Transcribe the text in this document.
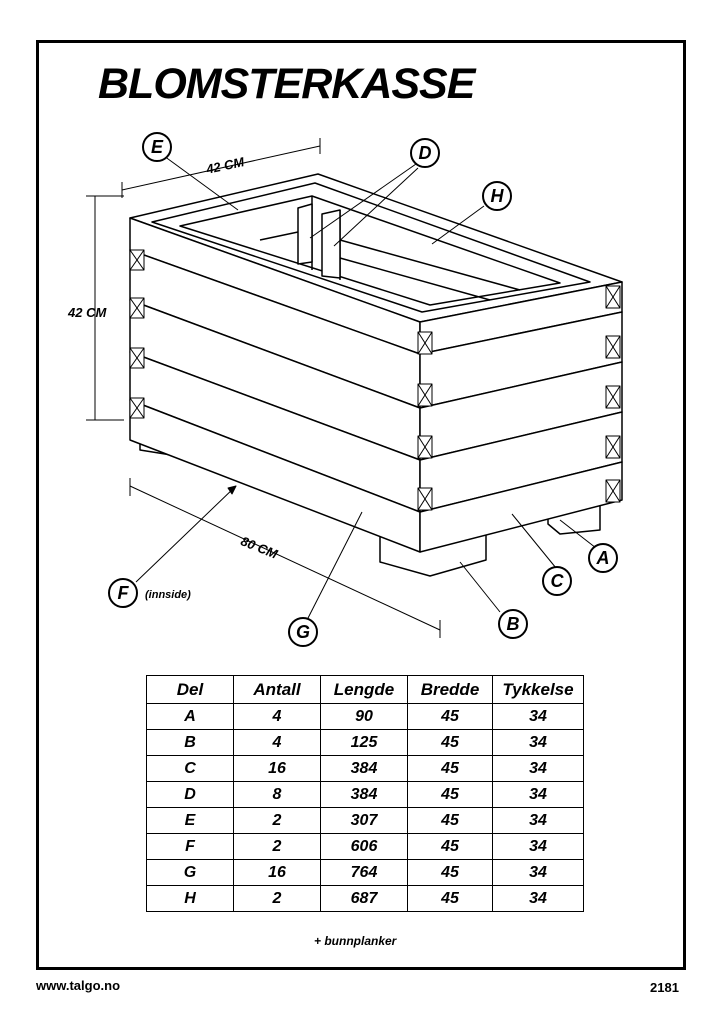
BLOMSTERKASSE
42 CM
42 CM
80 CM
E	D
H
F	(innside)
G	B
C
A
Del	Antall	Lengde	Bredde	Tykkelse
A	4	90	45	34
B	4	125	45	34
C	16	384	45	34
D	8	384	45	34
E	2	307	45	34
F	2	606	45	34
G	16	764	45	34
H	2	687	45	34
+ bunnplanker
www.talgo.no	2181
